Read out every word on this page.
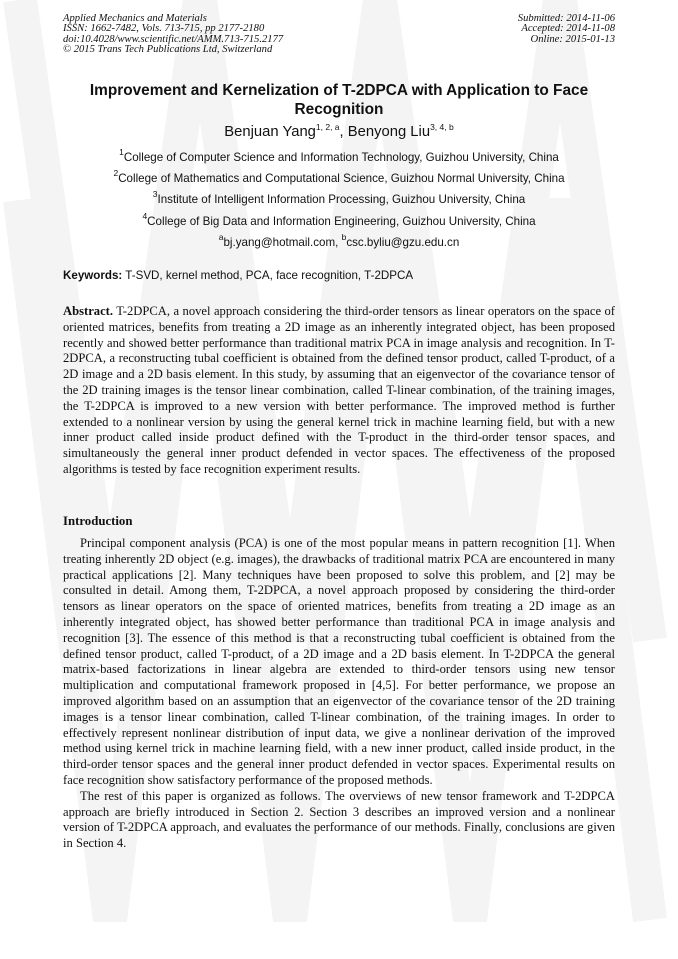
Applied Mechanics and Materials
ISSN: 1662-7482, Vols. 713-715, pp 2177-2180
doi:10.4028/www.scientific.net/AMM.713-715.2177
© 2015 Trans Tech Publications Ltd, Switzerland
Submitted: 2014-11-06
Accepted: 2014-11-08
Online: 2015-01-13
Improvement and Kernelization of T-2DPCA with Application to Face Recognition
Benjuan Yang$^{1, 2, a}$, Benyong Liu$^{3, 4, b}$
$^1$College of Computer Science and Information Technology, Guizhou University, China
$^2$College of Mathematics and Computational Science, Guizhou Normal University, China
$^3$Institute of Intelligent Information Processing, Guizhou University, China
$^4$College of Big Data and Information Engineering, Guizhou University, China
$^a$bj.yang@hotmail.com, $^b$csc.byliu@gzu.edu.cn
Keywords: T-SVD, kernel method, PCA, face recognition, T-2DPCA
Abstract. T-2DPCA, a novel approach considering the third-order tensors as linear operators on the space of oriented matrices, benefits from treating a 2D image as an inherently integrated object, has been proposed recently and showed better performance than traditional matrix PCA in image analysis and recognition. In T-2DPCA, a reconstructing tubal coefficient is obtained from the defined tensor product, called T-product, of a 2D image and a 2D basis element. In this study, by assuming that an eigenvector of the covariance tensor of the 2D training images is the tensor linear combination, called T-linear combination, of the training images, the T-2DPCA is improved to a new version with better performance. The improved method is further extended to a nonlinear version by using the general kernel trick in machine learning field, but with a new inner product called inside product defined with the T-product in the third-order tensor spaces, and simultaneously the general inner product defended in vector spaces. The effectiveness of the proposed algorithms is tested by face recognition experiment results.
Introduction

Principal component analysis (PCA) is one of the most popular means in pattern recognition [1]. When treating inherently 2D object (e.g. images), the drawbacks of traditional matrix PCA are encountered in many practical applications [2]. Many techniques have been proposed to solve this problem, and [2] may be consulted in detail. Among them, T-2DPCA, a novel approach proposed by considering the third-order tensors as linear operators on the space of oriented matrices, benefits from treating a 2D image as an inherently integrated object, has showed better performance than traditional PCA in image analysis and recognition [3]. The essence of this method is that a reconstructing tubal coefficient is obtained from the defined tensor product, called T-product, of a 2D image and a 2D basis element. In T-2DPCA the general matrix-based factorizations in linear algebra are extended to third-order tensors using new tensor multiplication and computational framework proposed in [4,5]. For better performance, we propose an improved algorithm based on an assumption that an eigenvector of the covariance tensor of the 2D training images is a tensor linear combination, called T-linear combination, of the training images. In order to effectively represent nonlinear distribution of input data, we give a nonlinear derivation of the improved method using kernel trick in machine learning field, with a new inner product, called inside product, in the third-order tensor spaces and the general inner product defended in vector spaces. Experimental results on face recognition show satisfactory performance of the proposed methods.

The rest of this paper is organized as follows. The overviews of new tensor framework and T-2DPCA approach are briefly introduced in Section 2. Section 3 describes an improved version and a nonlinear version of T-2DPCA approach, and evaluates the performance of our methods. Finally, conclusions are given in Section 4.
